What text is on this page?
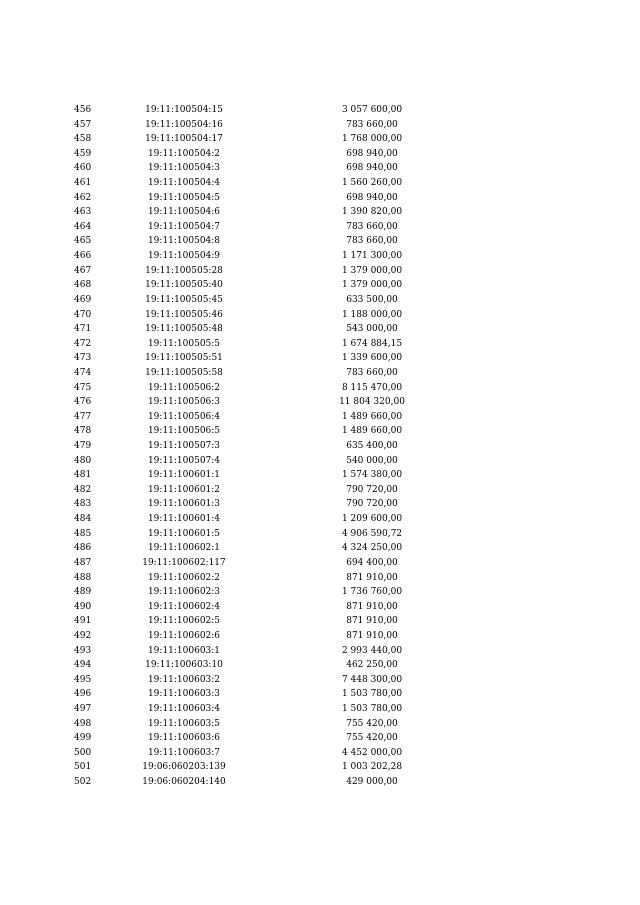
456	19:11:100504:15	3 057 600,00
457	19:11:100504:16	783 660,00
458	19:11:100504:17	1 768 000,00
459	19:11:100504:2	698 940,00
460	19:11:100504:3	698 940,00
461	19:11:100504:4	1 560 260,00
462	19:11:100504:5	698 940,00
463	19:11:100504:6	1 390 820,00
464	19:11:100504:7	783 660,00
465	19:11:100504:8	783 660,00
466	19:11:100504:9	1 171 300,00
467	19:11:100505:28	1 379 000,00
468	19:11:100505:40	1 379 000,00
469	19:11:100505:45	633 500,00
470	19:11:100505:46	1 188 000,00
471	19:11:100505:48	543 000,00
472	19:11:100505:5	1 674 884,15
473	19:11:100505:51	1 339 600,00
474	19:11:100505:58	783 660,00
475	19:11:100506:2	8 115 470,00
476	19:11:100506:3	11 804 320,00
477	19:11:100506:4	1 489 660,00
478	19:11:100506:5	1 489 660,00
479	19:11:100507:3	635 400,00
480	19:11:100507:4	540 000,00
481	19:11:100601:1	1 574 380,00
482	19:11:100601:2	790 720,00
483	19:11:100601:3	790 720,00
484	19:11:100601:4	1 209 600,00
485	19:11:100601:5	4 906 590,72
486	19:11:100602:1	4 324 250,00
487	19:11:100602:117	694 400,00
488	19:11:100602:2	871 910,00
489	19:11:100602:3	1 736 760,00
490	19:11:100602:4	871 910,00
491	19:11:100602:5	871 910,00
492	19:11:100602:6	871 910,00
493	19:11:100603:1	2 993 440,00
494	19:11:100603:10	462 250,00
495	19:11:100603:2	7 448 300,00
496	19:11:100603:3	1 503 780,00
497	19:11:100603:4	1 503 780,00
498	19:11:100603:5	755 420,00
499	19:11:100603:6	755 420,00
500	19:11:100603:7	4 452 000,00
501	19:06:060203:139	1 003 202,28
502	19:06:060204:140	429 000,00
